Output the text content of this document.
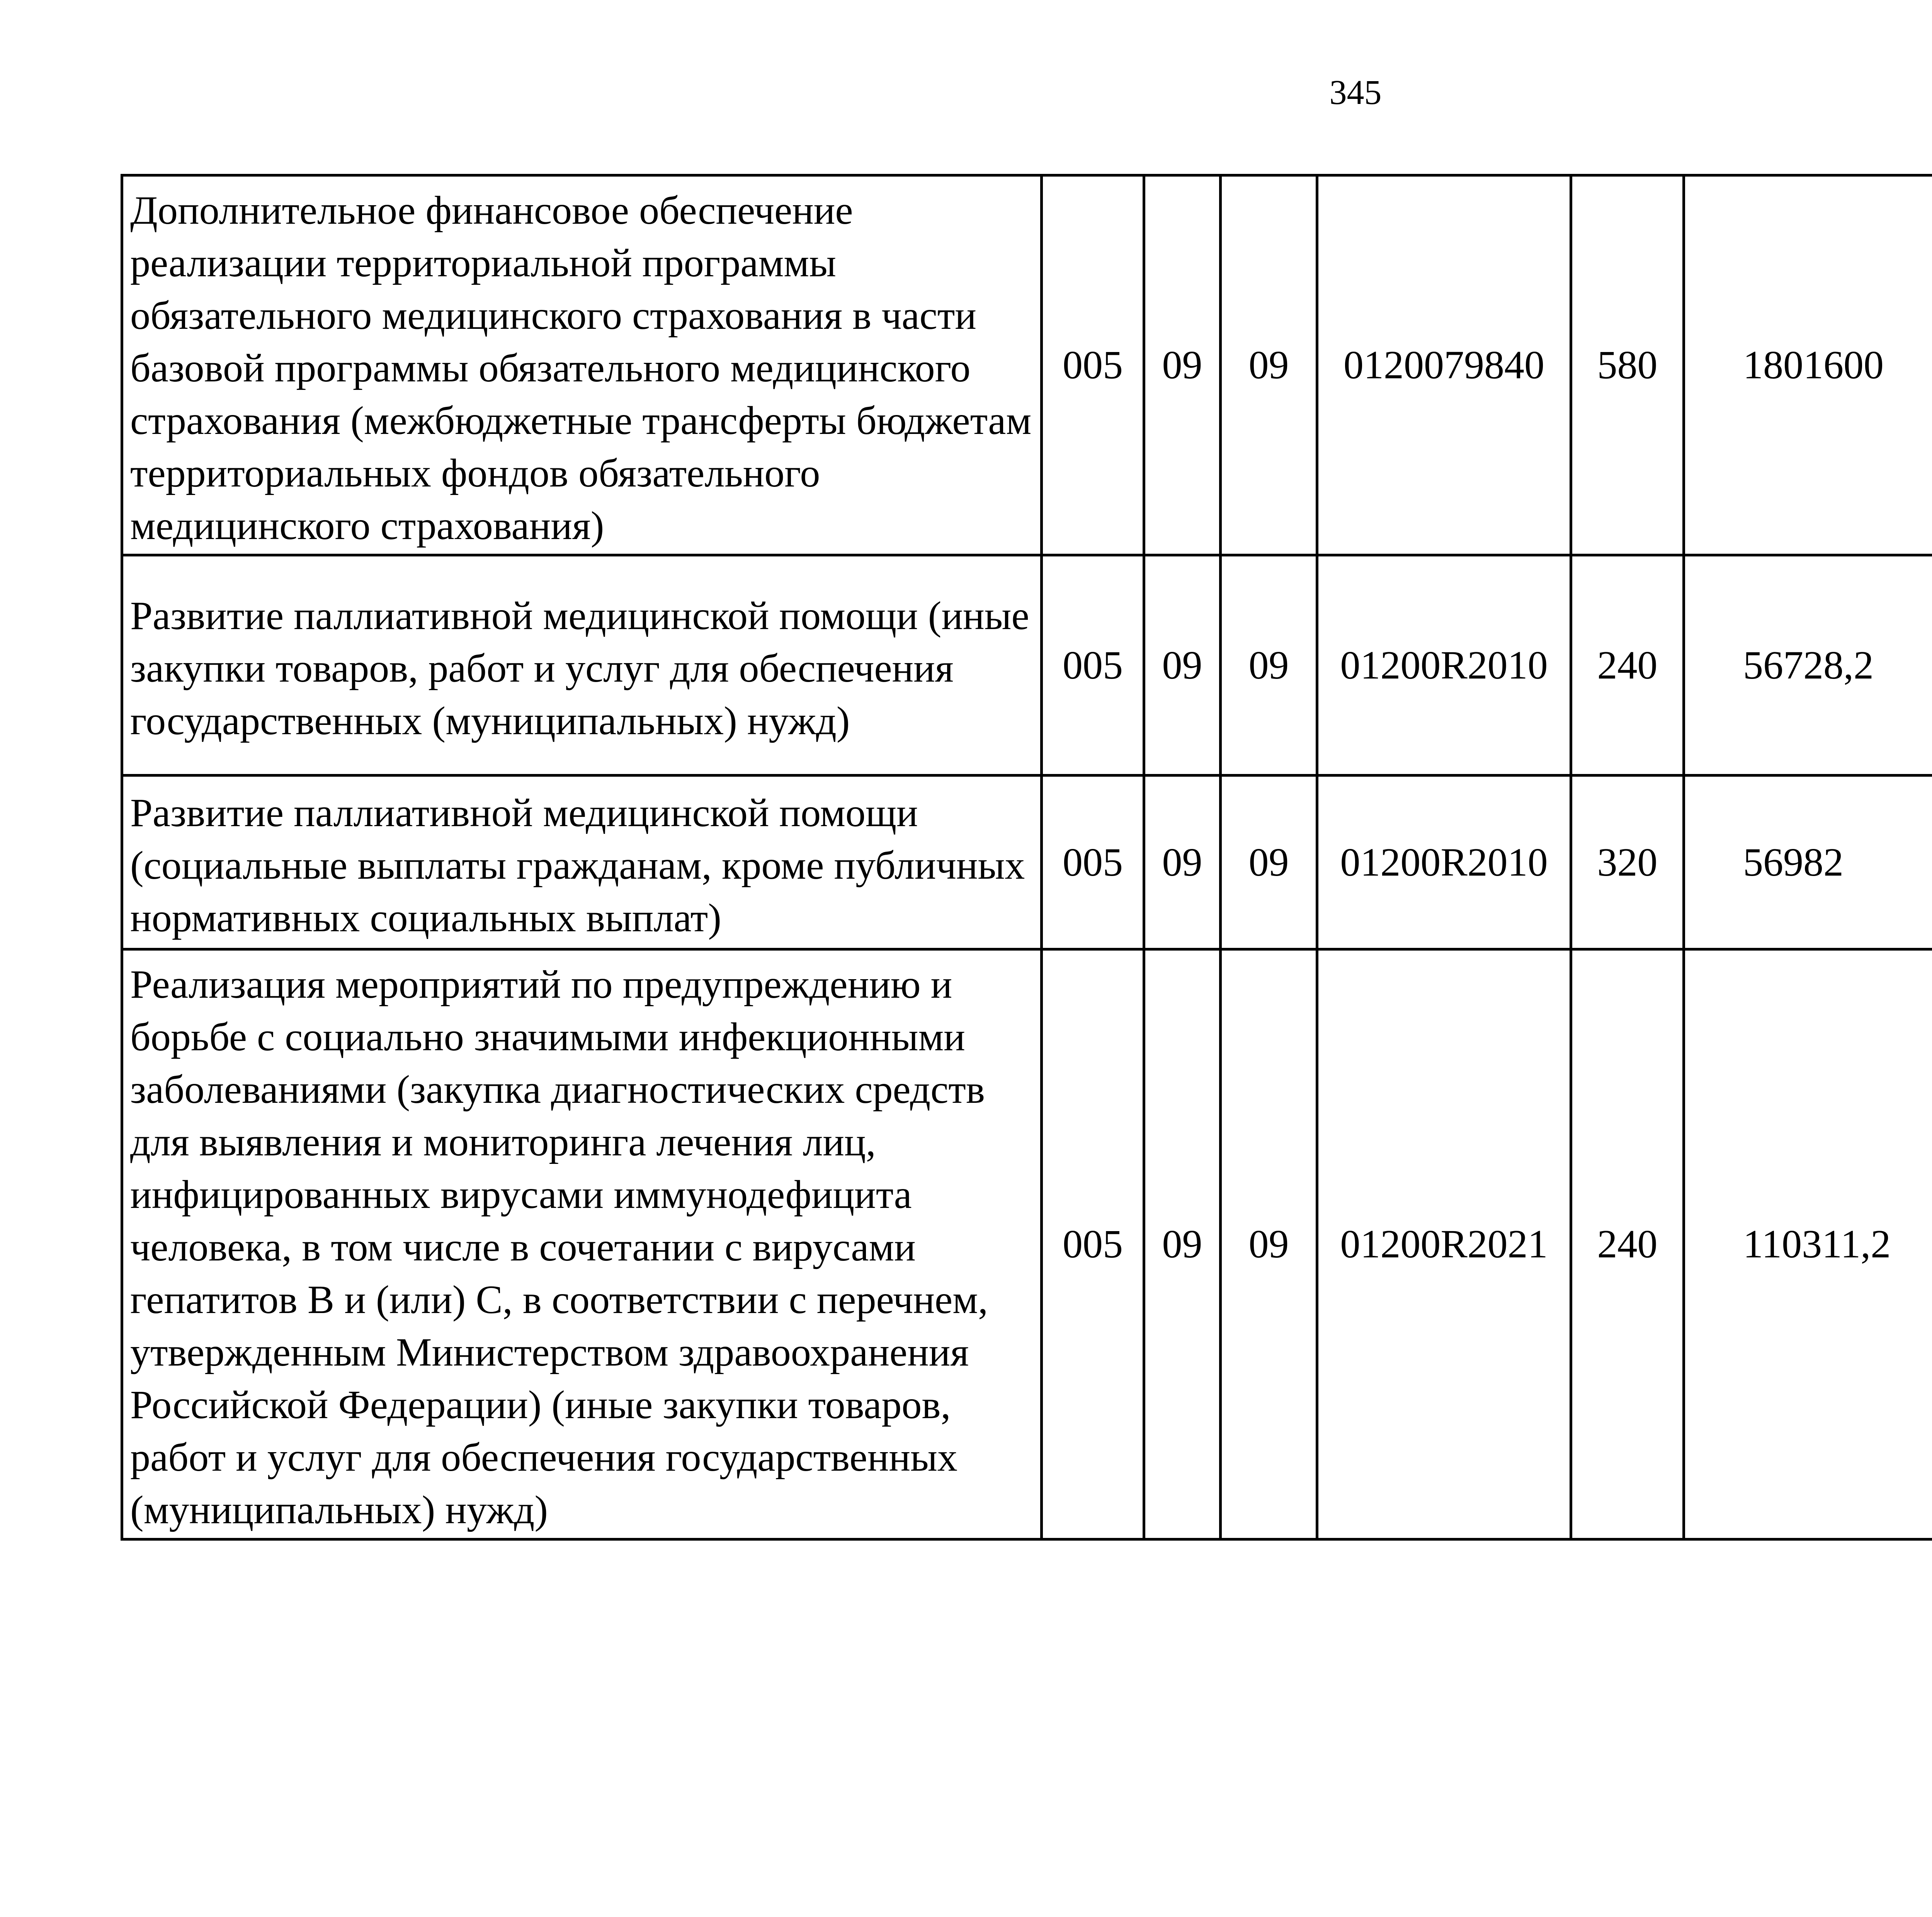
345
Дополнительное финансовое обеспечение реализации территориальной программы обязательного медицинского страхования в части базовой программы обязательного медицинского страхования (межбюджетные трансферты бюджетам территориальных фондов обязательного медицинского страхования)	005	09	09	0120079840	580	1801600		
Развитие паллиативной медицинской помощи (иные закупки товаров, работ и услуг для обеспечения государственных (муниципальных) нужд)	005	09	09	01200R2010	240	56728,2		
Развитие паллиативной медицинской помощи (социальные выплаты гражданам, кроме публичных нормативных социальных выплат)	005	09	09	01200R2010	320	56982		
Реализация мероприятий по предупреждению и борьбе с социально значимыми инфекционными заболеваниями (закупка диагностических средств для выявления и мониторинга лечения лиц, инфицированных вирусами иммунодефицита человека, в том числе в сочетании с вирусами гепатитов В и (или) С, в соответствии с перечнем, утвержденным Министерством здравоохранения Российской Федерации) (иные закупки товаров, работ и услуг для обеспечения государственных (муниципальных) нужд)	005	09	09	01200R2021	240	110311,2		
